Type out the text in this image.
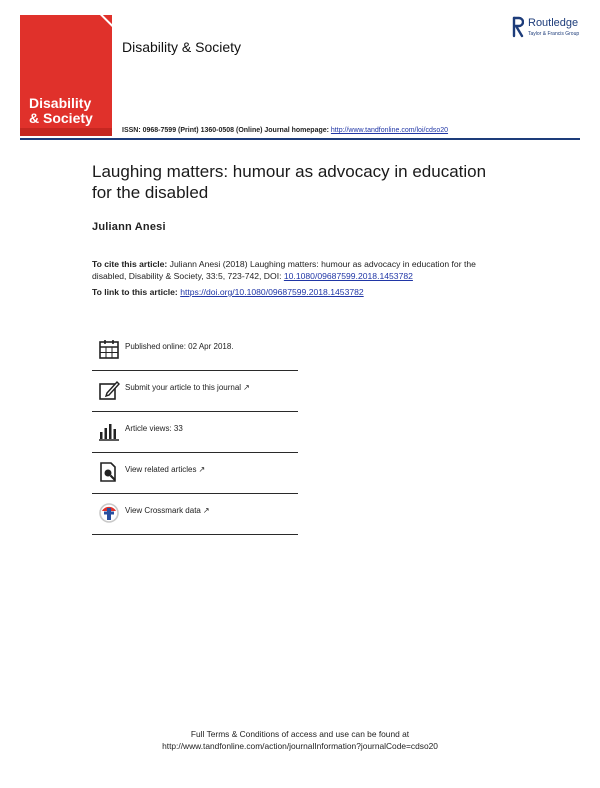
Disability
& Society
Disability & Society
Routledge
Taylor & Francis Group
ISSN: 0968-7599 (Print) 1360-0508 (Online) Journal homepage: http://www.tandfonline.com/loi/cdso20
Laughing matters: humour as advocacy in education for the disabled
Juliann Anesi
To cite this article: Juliann Anesi (2018) Laughing matters: humour as advocacy in education for the disabled, Disability & Society, 33:5, 723-742, DOI: 10.1080/09687599.2018.1453782
To link to this article: https://doi.org/10.1080/09687599.2018.1453782
Published online: 02 Apr 2018.
Submit your article to this journal ↗
Article views: 33
View related articles ↗
View Crossmark data ↗
Full Terms & Conditions of access and use can be found at
http://www.tandfonline.com/action/journalInformation?journalCode=cdso20
